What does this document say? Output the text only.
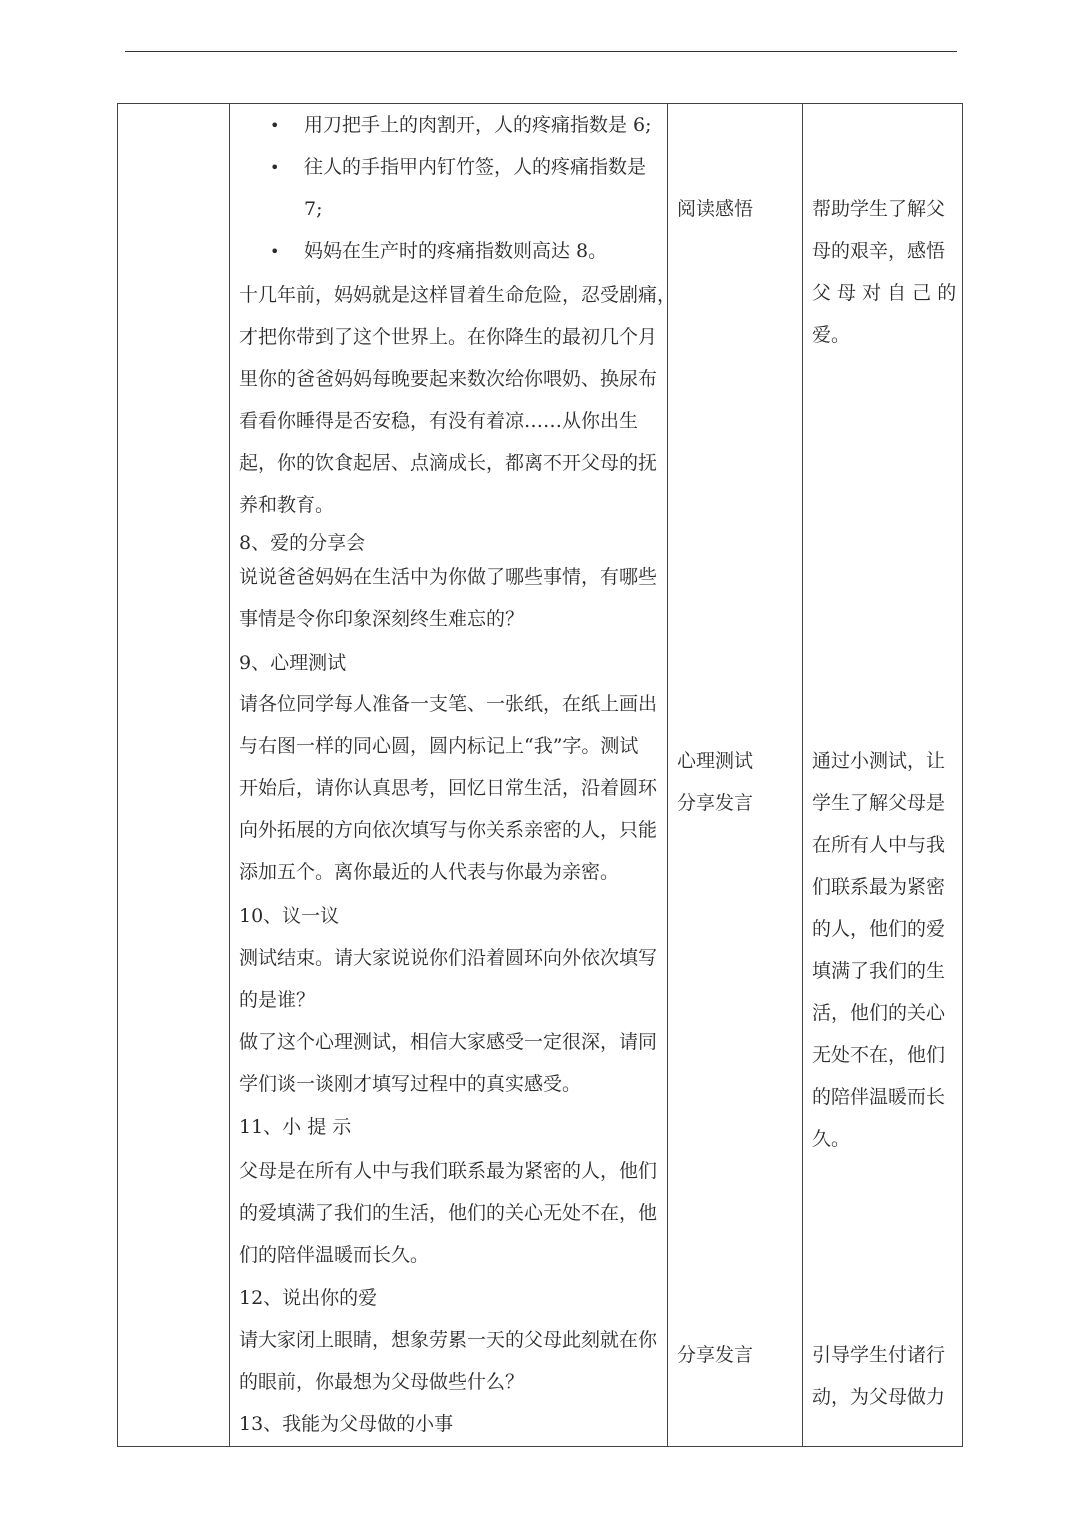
• 用刀把手上的肉割开，人的疼痛指数是 6;

• 往人的手指甲内钉竹签，人的疼痛指数是

7;

• 妈妈在生产时的疼痛指数则高达 8。

十几年前，妈妈就是这样冒着生命危险，忍受剧痛，

才把你带到了这个世界上。在你降生的最初几个月

里你的爸爸妈妈每晚要起来数次给你喂奶、换尿布

看看你睡得是否安稳，有没有着凉……从你出生

起，你的饮食起居、点滴成长，都离不开父母的抚

养和教育。

8、爱的分享会

说说爸爸妈妈在生活中为你做了哪些事情，有哪些

事情是令你印象深刻终生难忘的？

9、心理测试

请各位同学每人准备一支笔、一张纸，在纸上画出

与右图一样的同心圆，圆内标记上“我”字。测试

开始后，请你认真思考，回忆日常生活，沿着圆环

向外拓展的方向依次填写与你关系亲密的人，只能

添加五个。离你最近的人代表与你最为亲密。

10、议一议

测试结束。请大家说说你们沿着圆环向外依次填写

的是谁？

做了这个心理测试，相信大家感受一定很深，请同

学们谈一谈刚才填写过程中的真实感受。

11、小 提 示

父母是在所有人中与我们联系最为紧密的人，他们

的爱填满了我们的生活，他们的关心无处不在，他

们的陪伴温暖而长久。

12、说出你的爱

请大家闭上眼睛，想象劳累一天的父母此刻就在你

的眼前，你最想为父母做些什么？

13、我能为父母做的小事

阅读感悟

心理测试

分享发言

分享发言

帮助学生了解父

母的艰辛，感悟

父 母 对 自 己 的

爱。

通过小测试，让

学生了解父母是

在所有人中与我

们联系最为紧密

的人，他们的爱

填满了我们的生

活，他们的关心

无处不在，他们

的陪伴温暖而长

久。

引导学生付诸行

动，为父母做力
